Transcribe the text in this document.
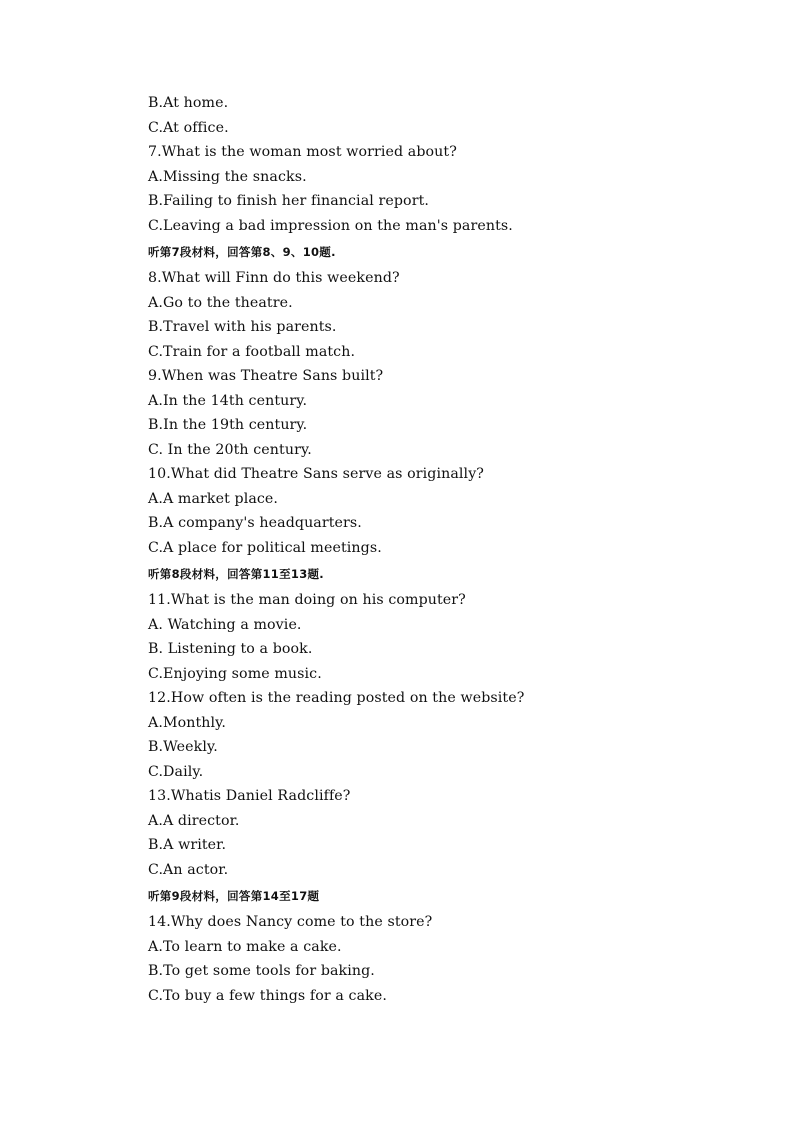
B.At home.
C.At office.
7.What is the woman most worried about?
A.Missing the snacks.
B.Failing to finish her financial report.
C.Leaving a bad impression on the man's parents.
听第7段材料，回答第8、9、10题.
8.What will Finn do this weekend?
A.Go to the theatre.
B.Travel with his parents.
C.Train for a football match.
9.When was Theatre Sans built?
A.In the 14th century.
B.In the 19th century.
C. In the 20th century.
10.What did Theatre Sans serve as originally?
A.A market place.
B.A company's headquarters.
C.A place for political meetings.
听第8段材料，回答第11至13题.
11.What is the man doing on his computer?
A. Watching a movie.
B. Listening to a book.
C.Enjoying some music.
12.How often is the reading posted on the website?
A.Monthly.
B.Weekly.
C.Daily.
13.Whatis Daniel Radcliffe?
A.A director.
B.A writer.
C.An actor.
听第9段材料，回答第14至17题
14.Why does Nancy come to the store?
A.To learn to make a cake.
B.To get some tools for baking.
C.To buy a few things for a cake.
